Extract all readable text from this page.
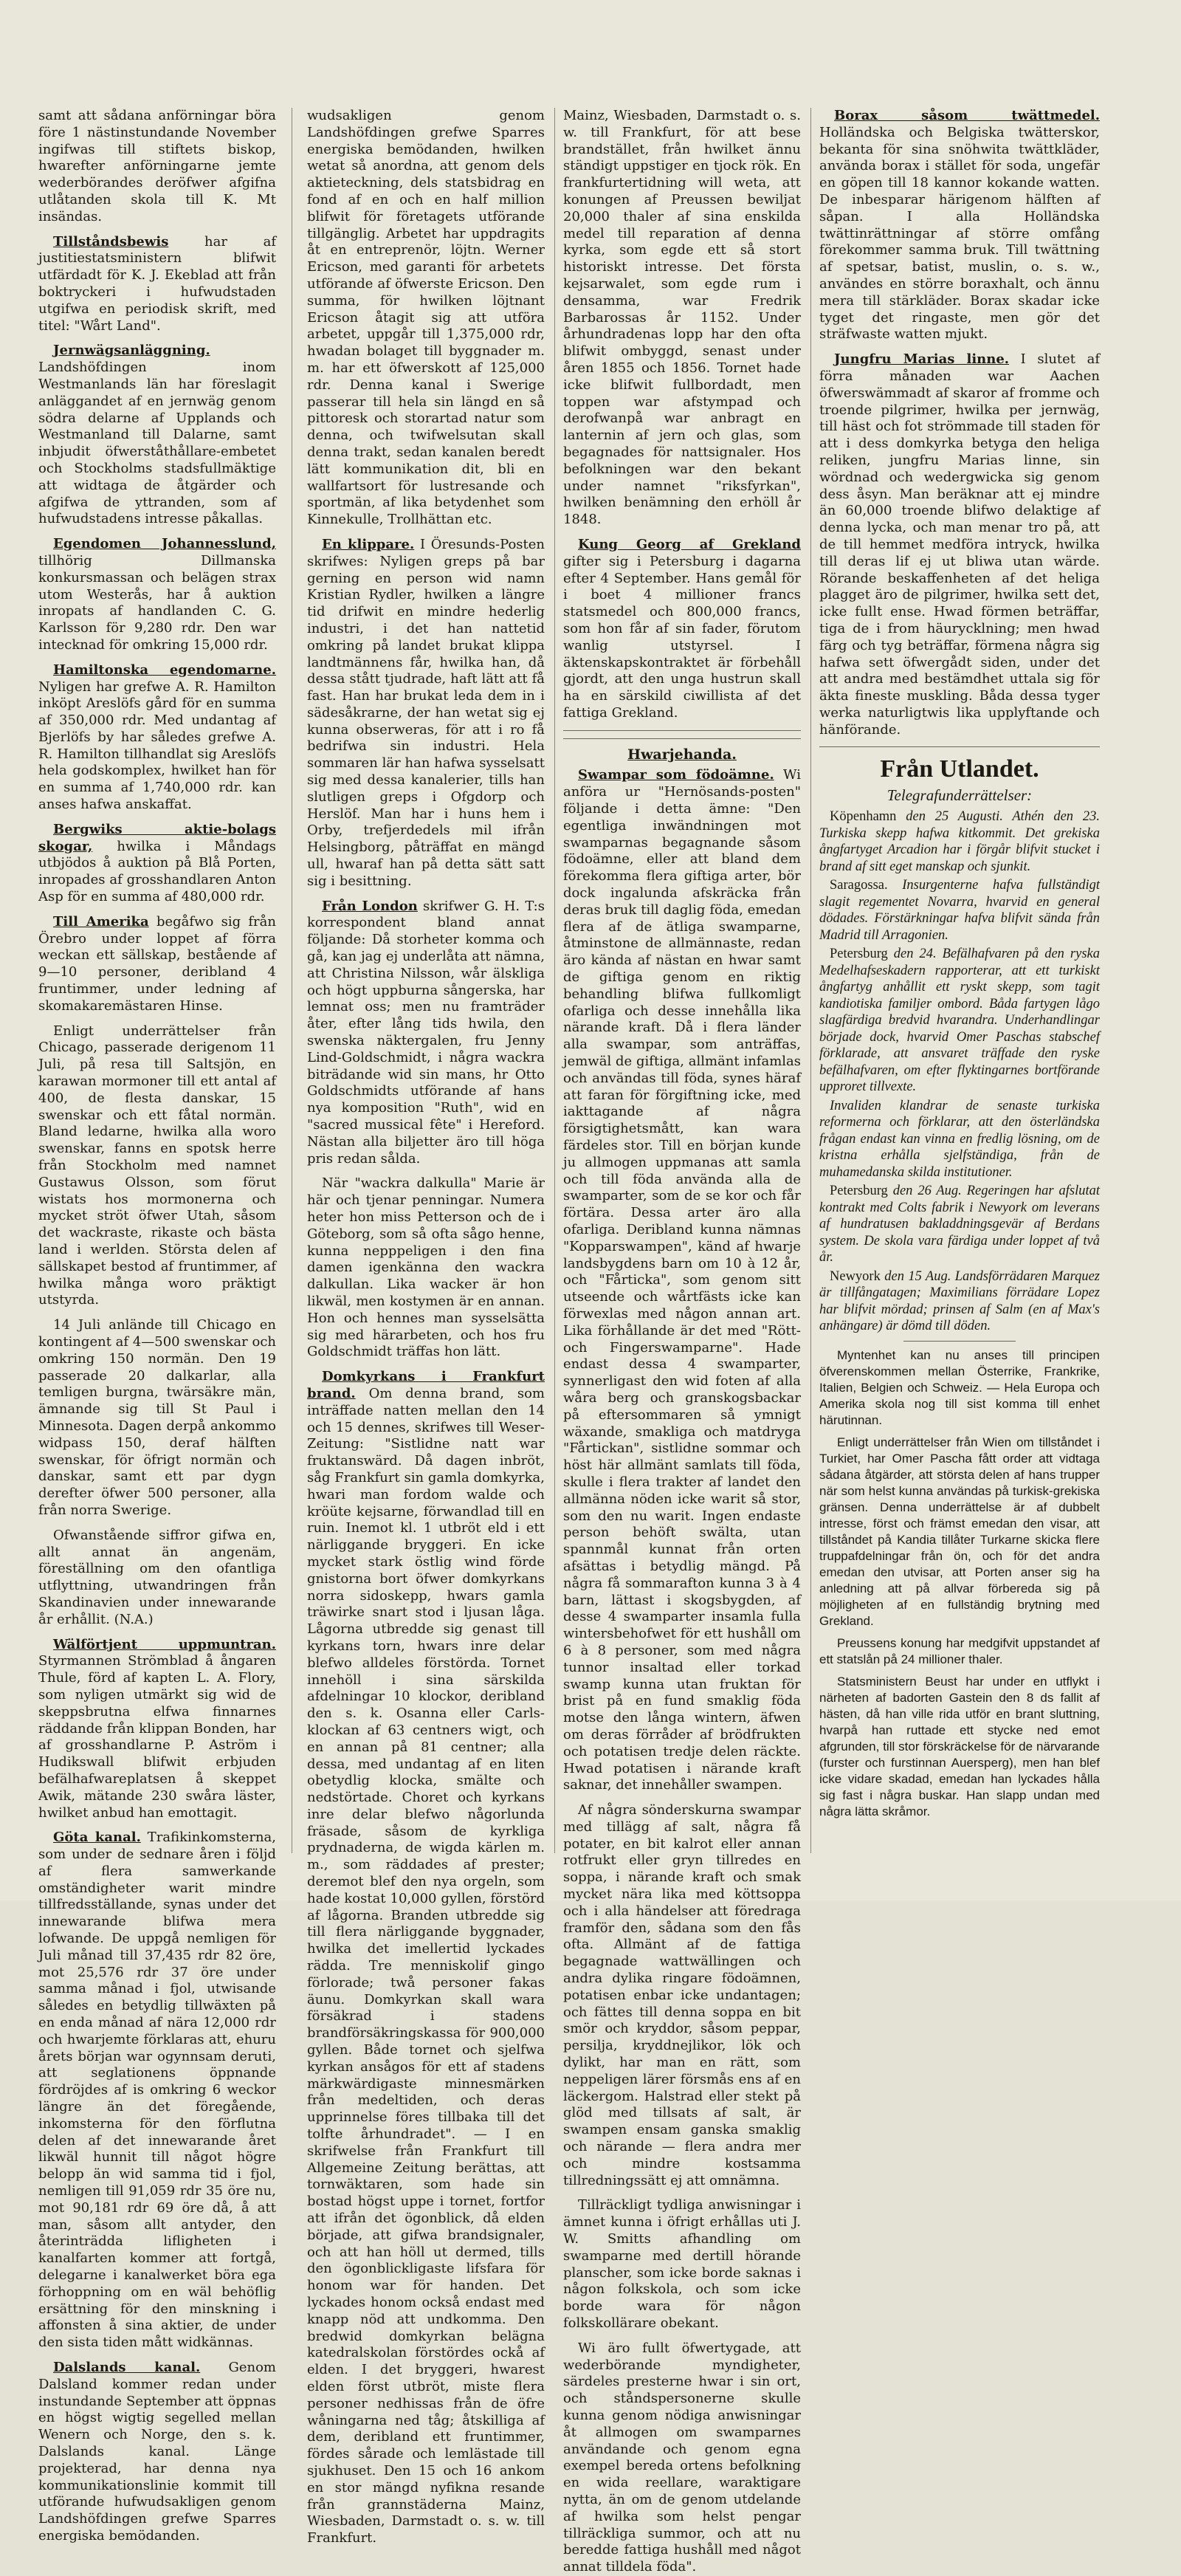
samt att sådana anförningar böra före 1 nästinstundande November ingifwas till stiftets biskop, hwarefter anförningarne jemte wederbörandes deröfwer afgifna utlåtanden skola till K. Mt insändas.

Tillståndsbewis	har af justitiestatsministern blifwit utfärdadt för K. J. Ekeblad att från boktryckeri i hufwudstaden utgifwa en periodisk skrift, med titel: "Wårt Land".

Jernwägsanläggning. Landshöfdingen inom Westmanlands län har föreslagit anläggandet af en jernwäg genom södra delarne af Upplands och Westmanland till Dalarne, samt inbjudit öfwerståthållare-embetet och Stockholms stadsfullmäktige att widtaga de åtgärder och afgifwa de yttranden, som af hufwudstadens intresse påkallas.

Egendomen Johannesslund, tillhörig Dillmanska konkursmassan och belägen strax utom Westerås, har å auktion inropats af handlanden C. G. Karlsson för 9,280 rdr. Den war intecknad för omkring 15,000 rdr.

Hamiltonska egendomarne. Nyligen har grefwe A. R. Hamilton inköpt Areslöfs gård för en summa af 350,000 rdr. Med undantag af Bjerlöfs by har således grefwe A. R. Hamilton tillhandlat sig Areslöfs hela godskomplex, hwilket han för en summa af 1,740,000 rdr. kan anses hafwa anskaffat.

Bergwiks aktie-bolags skogar, hwilka i Måndags utbjödos å auktion på Blå Porten, inropades af grosshandlaren Anton Asp för en summa af 480,000 rdr.

Till Amerika begåfwo sig från Örebro under loppet af förra weckan ett sällskap, bestående af 9—10 personer, deribland 4 fruntimmer, under ledning af skomakaremästaren Hinse.

Enligt underrättelser från Chicago, passerade derigenom 11 Juli, på resa till Saltsjön, en karawan mormoner till ett antal af 400, de flesta danskar, 15 swenskar och ett fåtal normän. Bland ledarne, hwilka alla woro swenskar, fanns en spotsk herre från Stockholm med namnet Gustawus Olsson, som förut wistats hos mormonerna och mycket ströt öfwer Utah, såsom det wackraste, rikaste och bästa land i werlden. Största delen af sällskapet bestod af fruntimmer, af hwilka många woro präktigt utstyrda.

14 Juli anlände till Chicago en kontingent af 4—500 swenskar och omkring 150 normän. Den 19 passerade 20 dalkarlar, alla temligen burgna, twärsäkre män, ämnande sig till St Paul i Minnesota. Dagen derpå ankommo widpass 150, deraf hälften swenskar, för öfrigt normän och danskar, samt ett par dygn derefter öfwer 500 personer, alla från norra Swerige.

Ofwanstående siffror gifwa en, allt annat än angenäm, föreställning om den ofantliga utflyttning, utwandringen från Skandinavien under innewarande år erhållit. (N.A.)

Wälförtjent uppmuntran. Styrmannen Strömblad å ångaren Thule, förd af kapten L. A. Flory, som nyligen utmärkt sig wid de skeppsbrutna elfwa finnarnes räddande från klippan Bonden, har af grosshandlarne P. Aström i Hudikswall blifwit erbjuden befälhafwareplatsen å skeppet Awik, mätande 230 swåra läster, hwilket anbud han emottagit.

Göta kanal. Trafikinkomsterna, som under de sednare åren i följd af flera samwerkande omständigheter warit mindre tillfredsställande, synas under det innewarande blifwa mera lofwande. De uppgå nemligen för Juli månad till 37,435 rdr 82 öre, mot 25,576 rdr 37 öre under samma månad i fjol, utwisande således en betydlig tillwäxten på en enda månad af nära 12,000 rdr och hwarjemte förklaras att, ehuru årets början war ogynnsam deruti, att seglationens öppnande fördröjdes af is omkring 6 weckor längre än det föregående, inkomsterna för den förflutna delen af det innewarande året likwäl hunnit till något högre belopp än wid samma tid i fjol, nemligen till 91,059 rdr 35 öre nu, mot 90,181 rdr 69 öre då, å att man, såsom allt antyder, den återinträdda lifligheten i kanalfarten kommer att fortgå, delegarne i kanalwerket böra ega förhoppning om en wäl behöflig ersättning för den minskning i affonsten å sina aktier, de under den sista tiden mått widkännas.

Dalslands kanal. Genom Dalsland kommer redan under instundande September att öppnas en högst wigtig segelled mellan Wenern och Norge, den s. k. Dalslands kanal. Länge projekterad, har denna nya kommunikationslinie kommit till utförande hufwudsakligen genom Landshöfdingen grefwe Sparres energiska bemödanden.

wudsakligen genom Landshöfdingen grefwe Sparres energiska bemödanden, hwilken wetat så anordna, att genom dels aktieteckning, dels statsbidrag en fond af en och en half million blifwit för företagets utförande tillgänglig. Arbetet har uppdragits åt en entreprenör, löjtn. Werner Ericson, med garanti för arbetets utförande af öfwerste Ericson. Den summa, för hwilken löjtnant Ericson åtagit sig att utföra arbetet, uppgår till 1,375,000 rdr, hwadan bolaget till byggnader m. m. har ett öfwerskott af 125,000 rdr. Denna kanal i Swerige passerar till hela sin längd en så pittoresk och storartad natur som denna, och twifwelsutan skall denna trakt, sedan kanalen beredt lätt kommunikation dit, bli en wallfartsort för lustresande och sportmän, af lika betydenhet som Kinnekulle, Trollhättan etc.

En klippare. I Öresunds-Posten skrifwes: Nyligen greps på bar gerning en person wid namn Kristian Rydler, hwilken a längre tid drifwit en mindre hederlig industri, i det han nattetid omkring på landet brukat klippa landtmännens får, hwilka han, då dessa stått tjudrade, haft lätt att få fast. Han har brukat leda dem in i sädesåkrarne, der han wetat sig ej kunna obserweras, för att i ro få bedrifwa sin industri. Hela sommaren lär han hafwa sysselsatt sig med dessa kanalerier, tills han slutligen greps i Ofgdorp och Herslöf. Man har i huns hem i Orby, trefjerdedels mil ifrån Helsingborg, påträffat en mängd ull, hwaraf han på detta sätt satt sig i besittning.

Från London skrifwer G. H. T:s korrespondent bland annat följande: Då storheter komma och gå, kan jag ej underlåta att nämna, att Christina Nilsson, wår älskliga och högt uppburna sångerska, har lemnat oss; men nu framträder åter, efter lång tids hwila, den swenska näktergalen, fru Jenny Lind-Goldschmidt, i några wackra biträdande wid sin mans, hr Otto Goldschmidts utförande af hans nya komposition "Ruth", wid en "sacred mussical fête" i Hereford. Nästan alla biljetter äro till höga pris redan sålda.

När "wackra dalkulla" Marie är här och tjenar penningar. Numera heter hon miss Petterson och de i Göteborg, som så ofta sågo henne, kunna nepppeligen i den fina damen igenkänna den wackra dalkullan. Lika wacker är hon likwäl, men kostymen är en annan. Hon och hennes man sysselsätta sig med härarbeten, och hos fru Goldschmidt träffas hon lätt.

Domkyrkans i Frankfurt brand. Om denna brand, som inträffade natten mellan den 14 och 15 dennes, skrifwes till Weser-Zeitung: "Sistlidne natt war fruktanswärd. Då dagen inbröt, såg Frankfurt sin gamla domkyrka, hwari man fordom walde och kröüte kejsarne, förwandlad till en ruin. Inemot kl. 1 utbröt eld i ett närliggande bryggeri. En icke mycket stark östlig wind förde gnistorna bort öfwer domkyrkans norra sidoskepp, hwars gamla träwirke snart stod i ljusan låga. Lågorna utbredde sig genast till kyrkans torn, hwars inre delar blefwo alldeles förstörda. Tornet innehöll i sina särskilda afdelningar 10 klockor, deribland den s. k. Osanna eller Carls-klockan af 63 centners wigt, och en annan på 81 centner; alla dessa, med undantag af en liten obetydlig klocka, smälte och nedstörtade. Choret och kyrkans inre delar blefwo någorlunda fräsade, såsom de kyrkliga prydnaderna, de wigda kärlen m. m., som räddades af prester; deremot blef den nya orgeln, som hade kostat 10,000 gyllen, förstörd af lågorna. Branden utbredde sig till flera närliggande byggnader, hwilka det imellertid lyckades rädda. Tre menniskolif gingo förlorade; twå personer fakas äunu. Domkyrkan skall wara försäkrad i stadens brandförsäkringskassa för 900,000 gyllen. Både tornet och sjelfwa kyrkan ansågos för ett af stadens märkwärdigaste minnesmärken från medeltiden, och deras upprinnelse föres tillbaka till det tolfte århundradet". — I en skrifwelse från Frankfurt till Allgemeine Zeitung berättas, att tornwäktaren, som hade sin bostad högst uppe i tornet, fortfor att ifrån det ögonblick, då elden började, att gifwa brandsignaler, och att han höll ut dermed, tills den ögonblickligaste lifsfara för honom war för handen. Det lyckades honom också endast med knapp nöd att undkomma. Den bredwid domkyrkan belägna katedralskolan förstördes ockå af elden. I det bryggeri, hwarest elden först utbröt, miste flera personer nedhissas från de öfre wåningarna ned tåg; åtskilliga af dem, deribland ett fruntimmer, fördes sårade och lemlästade till sjukhuset. Den 15 och 16 ankom en stor mängd nyfikna resande från grannstäderna Mainz, Wiesbaden, Darmstadt o. s. w. till Frankfurt.

Mainz, Wiesbaden, Darmstadt o. s. w. till Frankfurt, för att bese brandstället, från hwilket ännu ständigt uppstiger en tjock rök. En frankfurtertidning will weta, att konungen af Preussen bewiljat 20,000 thaler af sina enskilda medel till reparation af denna kyrka, som egde ett så stort historiskt intresse. Det första kejsarwalet, som egde rum i densamma, war Fredrik Barbarossas år 1152. Under århundradenas lopp har den ofta blifwit ombyggd, senast under åren 1855 och 1856. Tornet hade icke blifwit fullbordadt, men toppen war afstympad och derofwanpå war anbragt en lanternin af jern och glas, som begagnades för nattsignaler. Hos befolkningen war den bekant under namnet "riksfyrkan", hwilken benämning den erhöll år 1848.

Kung Georg af Grekland gifter sig i Petersburg i dagarna efter 4 September. Hans gemål för i boet 4 millioner francs statsmedel och 800,000 francs, som hon får af sin fader, förutom wanlig utstyrsel. I äktenskapskontraktet är förbehåll gjordt, att den unga hustrun skall ha en särskild ciwillista af det fattiga Grekland.

Hwarjehanda.

Swampar som födoämne. Wi anföra ur "Hernösands-posten" följande i detta ämne: "Den egentliga inwändningen mot swamparnas begagnande såsom födoämne, eller att bland dem förekomma flera giftiga arter, bör dock ingalunda afskräcka från deras bruk till daglig föda, emedan flera af de ätliga swamparne, åtminstone de allmännaste, redan äro kända af nästan en hwar samt de giftiga genom en riktig behandling blifwa fullkomligt ofarliga och desse innehålla lika närande kraft. Då i flera länder alla swampar, som anträffas, jemwäl de giftiga, allmänt infamlas och användas till föda, synes häraf att faran för förgiftning icke, med iakttagande af några försigtighetsmått, kan wara färdeles stor. Till en början kunde ju allmogen uppmanas att samla och till föda använda alla de swamparter, som de se kor och får förtära. Dessa arter äro alla ofarliga. Deribland kunna nämnas "Kopparswampen", känd af hwarje landsbygdens barn om 10 à 12 år, och "Fårticka", som genom sitt utseende och wårtfästs icke kan förwexlas med någon annan art. Lika förhållande är det med "Rött- och Fingerswamparne". Hade endast dessa 4 swamparter, synnerligast den wid foten af alla wåra berg och granskogsbackar på eftersommaren så ymnigt wäxande, smakliga och matdryga "Fårtickan", sistlidne sommar och höst här allmänt samlats till föda, skulle i flera trakter af landet den allmänna nöden icke warit så stor, som den nu warit. Ingen endaste person behöft swälta, utan spannmål kunnat från orten afsättas i betydlig mängd. På några få sommarafton kunna 3 à 4 barn, lättast i skogsbygden, af desse 4 swamparter insamla fulla wintersbehofwet för ett hushåll om 6 à 8 personer, som med några tunnor insaltad eller torkad swamp kunna utan fruktan för brist på en fund smaklig föda motse den långa wintern, äfwen om deras förråder af brödfrukten och potatisen tredje delen räckte. Hwad potatisen i närande kraft saknar, det innehåller swampen.

Af några sönderskurna swampar med tillägg af salt, några få potater, en bit kalrot eller annan rotfrukt eller gryn tillredes en soppa, i närande kraft och smak mycket nära lika med köttsoppa och i alla händelser att föredraga framför den, sådana som den fås ofta. Allmänt af de fattiga begagnade wattwällingen och andra dylika ringare födoämnen, potatisen enbar icke undantagen; och fättes till denna soppa en bit smör och kryddor, såsom peppar, persilja, kryddnejlikor, lök och dylikt, har man en rätt, som neppeligen lärer försmås ens af en läckergom. Halstrad eller stekt på glöd med tillsats af salt, är swampen ensam ganska smaklig och närande — flera andra mer och mindre kostsamma tillredningssätt ej att omnämna.

Tillräckligt tydliga anwisningar i ämnet kunna i öfrigt erhållas uti J. W. Smitts afhandling om swamparne med dertill hörande planscher, som icke borde saknas i någon folkskola, och som icke borde wara för någon folkskollärare obekant.

Wi äro fullt öfwertygade, att wederbörande myndigheter, särdeles presterne hwar i sin ort, och ståndspersonerne skulle kunna genom nödiga anwisningar åt allmogen om swamparnes användande och genom egna exempel bereda ortens befolkning en wida reellare, waraktigare nytta, än om de genom utdelande af hwilka som helst pengar tillräckliga summor, och att nu beredde fattiga hushåll med något annat tilldela föda".

Borax såsom twättmedel. Holländska och Belgiska twätterskor, bekanta för sina snöhwita twättkläder, använda borax i stället för soda, ungefär en göpen till 18 kannor kokande watten. De inbesparar härigenom hälften af såpan. I alla Holländska twättinrättningar af större omfång förekommer samma bruk. Till twättning af spetsar, batist, muslin, o. s. w., användes en större boraxhalt, och ännu mera till stärkläder. Borax skadar icke tyget det ringaste, men gör det sträfwaste watten mjukt.

Jungfru Marias linne. I slutet af förra månaden war Aachen öfwerswämmadt af skaror af fromme och troende pilgrimer, hwilka per jernwäg, till häst och fot strömmade till staden för att i dess domkyrka betyga den heliga reliken, jungfru Marias linne, sin wördnad och wedergwicka sig genom dess åsyn. Man beräknar att ej mindre än 60,000 troende blifwo delaktige af denna lycka, och man menar tro på, att de till hemmet medföra intryck, hwilka till deras lif ej ut bliwa utan wärde. Rörande beskaffenheten af det heliga plagget äro de pilgrimer, hwilka sett det, icke fullt ense. Hwad förmen beträffar, tiga de i from häurycklning; men hwad färg och tyg beträffar, förmena några sig hafwa sett öfwergådt siden, under det att andra med bestämdhet uttala sig för äkta fineste muskling. Båda dessa tyger werka naturligtwis lika upplyftande och hänförande.

Från Utlandet.
Telegrafunderrättelser:

Köpenhamn den 25 Augusti. Athén den 23. Turkiska skepp hafwa kitkommit. Det grekiska ångfartyget Arcadion har i förgår blifvit stucket i brand af sitt eget manskap och sjunkit.

Saragossa. Insurgenterne hafva fullständigt slagit regementet Novarra, hvarvid en general dödades. Förstärkningar hafva blifvit sända från Madrid till Arragonien.

Petersburg den 24. Befälhafvaren på den ryska Medelhafseskadern rapporterar, att ett turkiskt ångfartyg anhållit ett ryskt skepp, som tagit kandiotiska familjer ombord. Båda fartygen lågo slagfärdiga bredvid hvarandra. Underhandlingar började dock, hvarvid Omer Paschas stabschef förklarade, att ansvaret träffade den ryske befälhafvaren, om efter flyktingarnes bortförande upproret tillvexte.

Invaliden klandrar de senaste turkiska reformerna och förklarar, att den österländska frågan endast kan vinna en fredlig lösning, om de kristna erhålla sjelfständiga, från de muhamedanska skilda institutioner.

Petersburg den 26 Aug. Regeringen har afslutat kontrakt med Colts fabrik i Newyork om leverans af hundratusen bakladdningsgevär af Berdans system. De skola vara färdiga under loppet af två år.

Newyork den 15 Aug. Landsförrädaren Marquez är tillfångatagen; Maximilians förrädare Lopez har blifvit mördad; prinsen af Salm (en af Max's anhängare) är dömd till döden.

Myntenhet kan nu anses till principen öfverenskommen mellan Österrike, Frankrike, Italien, Belgien och Schweiz. — Hela Europa och Amerika skola nog till sist komma till enhet härutinnan.

Enligt underrättelser från Wien om tillståndet i Turkiet, har Omer Pascha fått order att vidtaga sådana åtgärder, att största delen af hans trupper när som helst kunna användas på turkisk-grekiska gränsen. Denna underrättelse är af dubbelt intresse, först och främst emedan den visar, att tillståndet på Kandia tillåter Turkarne skicka flere truppafdelningar från ön, och för det andra emedan den utvisar, att Porten anser sig ha anledning att på allvar förbereda sig på möjligheten af en fullständig brytning med Grekland.

Preussens konung har medgifvit uppstandet af ett statslån på 24 millioner thaler.

Statsministern Beust har under en utflykt i närheten af badorten Gastein den 8 ds fallit af hästen, då han ville rida utför en brant sluttning, hvarpå han ruttade ett stycke ned emot afgrunden, till stor förskräckelse för de närvarande (furster och furstinnan Auersperg), men han blef icke vidare skadad, emedan han lyckades hålla sig fast i några buskar. Han slapp undan med några lätta skråmor.
